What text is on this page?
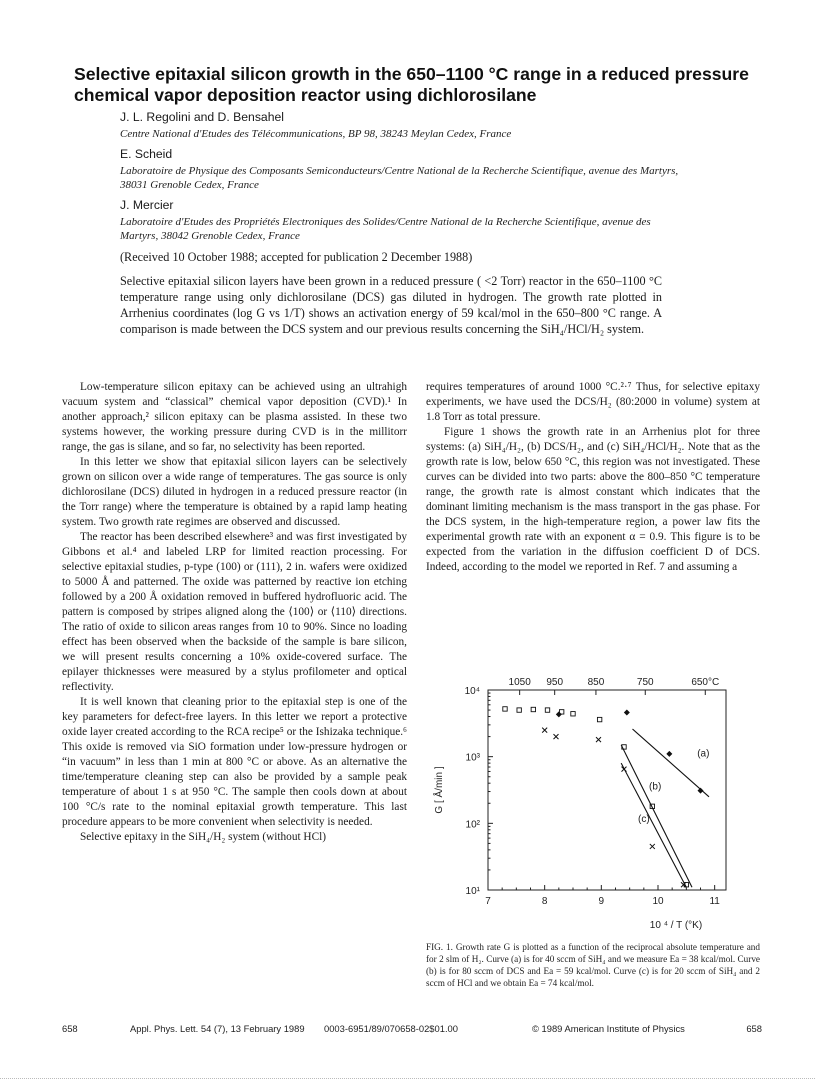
Selective epitaxial silicon growth in the 650–1100 °C range in a reduced pressure chemical vapor deposition reactor using dichlorosilane

J. L. Regolini and D. Bensahel

Centre National d'Etudes des Télécommunications, BP 98, 38243 Meylan Cedex, France

E. Scheid

Laboratoire de Physique des Composants Semiconducteurs/Centre National de la Recherche Scientifique, avenue des Martyrs, 38031 Grenoble Cedex, France

J. Mercier

Laboratoire d'Etudes des Propriétés Electroniques des Solides/Centre National de la Recherche Scientifique, avenue des Martyrs, 38042 Grenoble Cedex, France

(Received 10 October 1988; accepted for publication 2 December 1988)
Selective epitaxial silicon layers have been grown in a reduced pressure ( <2 Torr) reactor in the 650–1100 °C temperature range using only dichlorosilane (DCS) gas diluted in hydrogen. The growth rate plotted in Arrhenius coordinates (log G vs 1/T) shows an activation energy of 59 kcal/mol in the 650–800 °C range. A comparison is made between the DCS system and our previous results concerning the SiH₄/HCl/H₂ system.

Low-temperature silicon epitaxy can be achieved using an ultrahigh vacuum system and “classical” chemical vapor deposition (CVD).¹ In another approach,² silicon epitaxy can be plasma assisted. In these two systems however, the working pressure during CVD is in the millitorr range, the gas is silane, and so far, no selectivity has been reported.

In this letter we show that epitaxial silicon layers can be selectively grown on silicon over a wide range of temperatures. The gas source is only dichlorosilane (DCS) diluted in hydrogen in a reduced pressure reactor (in the Torr range) where the temperature is obtained by a rapid lamp heating system. Two growth rate regimes are observed and discussed.

The reactor has been described elsewhere³ and was first investigated by Gibbons et al.⁴ and labeled LRP for limited reaction processing. For selective epitaxial studies, p-type (100) or (111), 2 in. wafers were oxidized to 5000 Å and patterned. The oxide was patterned by reactive ion etching followed by a 200 Å oxidation removed in buffered hydrofluoric acid. The pattern is composed by stripes aligned along the ⟨100⟩ or ⟨110⟩ directions. The ratio of oxide to silicon areas ranges from 10 to 90%. Since no loading effect has been observed when the backside of the sample is bare silicon, we will present results concerning a 10% oxide-covered surface. The epilayer thicknesses were measured by a stylus profilometer and optical reflectivity.

It is well known that cleaning prior to the epitaxial step is one of the key parameters for defect-free layers. In this letter we report a protective oxide layer created according to the RCA recipe⁵ or the Ishizaka technique.⁶ This oxide is removed via SiO formation under low-pressure hydrogen or “in vacuum” in less than 1 min at 800 °C or above. As an alternative the time/temperature cleaning step can also be provided by a sample peak temperature of about 1 s at 950 °C. The sample then cools down at about 100 °C/s rate to the nominal epitaxial growth temperature. This last procedure appears to be more convenient when selectivity is needed.

Selective epitaxy in the SiH₄/H₂ system (without HCl)

requires temperatures of around 1000 °C.²·⁷ Thus, for selective epitaxy experiments, we have used the DCS/H₂ (80:2000 in volume) system at 1.8 Torr as total pressure.

Figure 1 shows the growth rate in an Arrhenius plot for three systems: (a) SiH₄/H₂, (b) DCS/H₂, and (c) SiH₄/HCl/H₂. Note that as the growth rate is low, below 650 °C, this region was not investigated. These curves can be divided into two parts: above the 800–850 °C temperature range, the growth rate is almost constant which indicates that the dominant limiting mechanism is the mass transport in the gas phase. For the DCS system, in the high-temperature region, a power law fits the experimental growth rate with an exponent α = 0.9. This figure is to be expected from the variation in the diffusion coefficient D of DCS. Indeed, according to the model we reported in Ref. 7 and assuming a

7	8	9	10	11
10⁴
10³
10²
10¹
1050 950 850	750	650°C
G [ Å/min ]
10 ⁴ / T (°K)
(a)
(b)
(c)
FIG. 1. Growth rate G is plotted as a function of the reciprocal absolute temperature and for 2 slm of H₂. Curve (a) is for 40 sccm of SiH₄ and we measure Ea = 38 kcal/mol. Curve (b) is for 80 sccm of DCS and Ea = 59 kcal/mol. Curve (c) is for 20 sccm of SiH₄ and 2 sccm of HCl and we obtain Ea = 74 kcal/mol.
658	Appl. Phys. Lett. 54 (7), 13 February 1989 0003-6951/89/070658-02$01.00	© 1989 American Institute of Physics	658
